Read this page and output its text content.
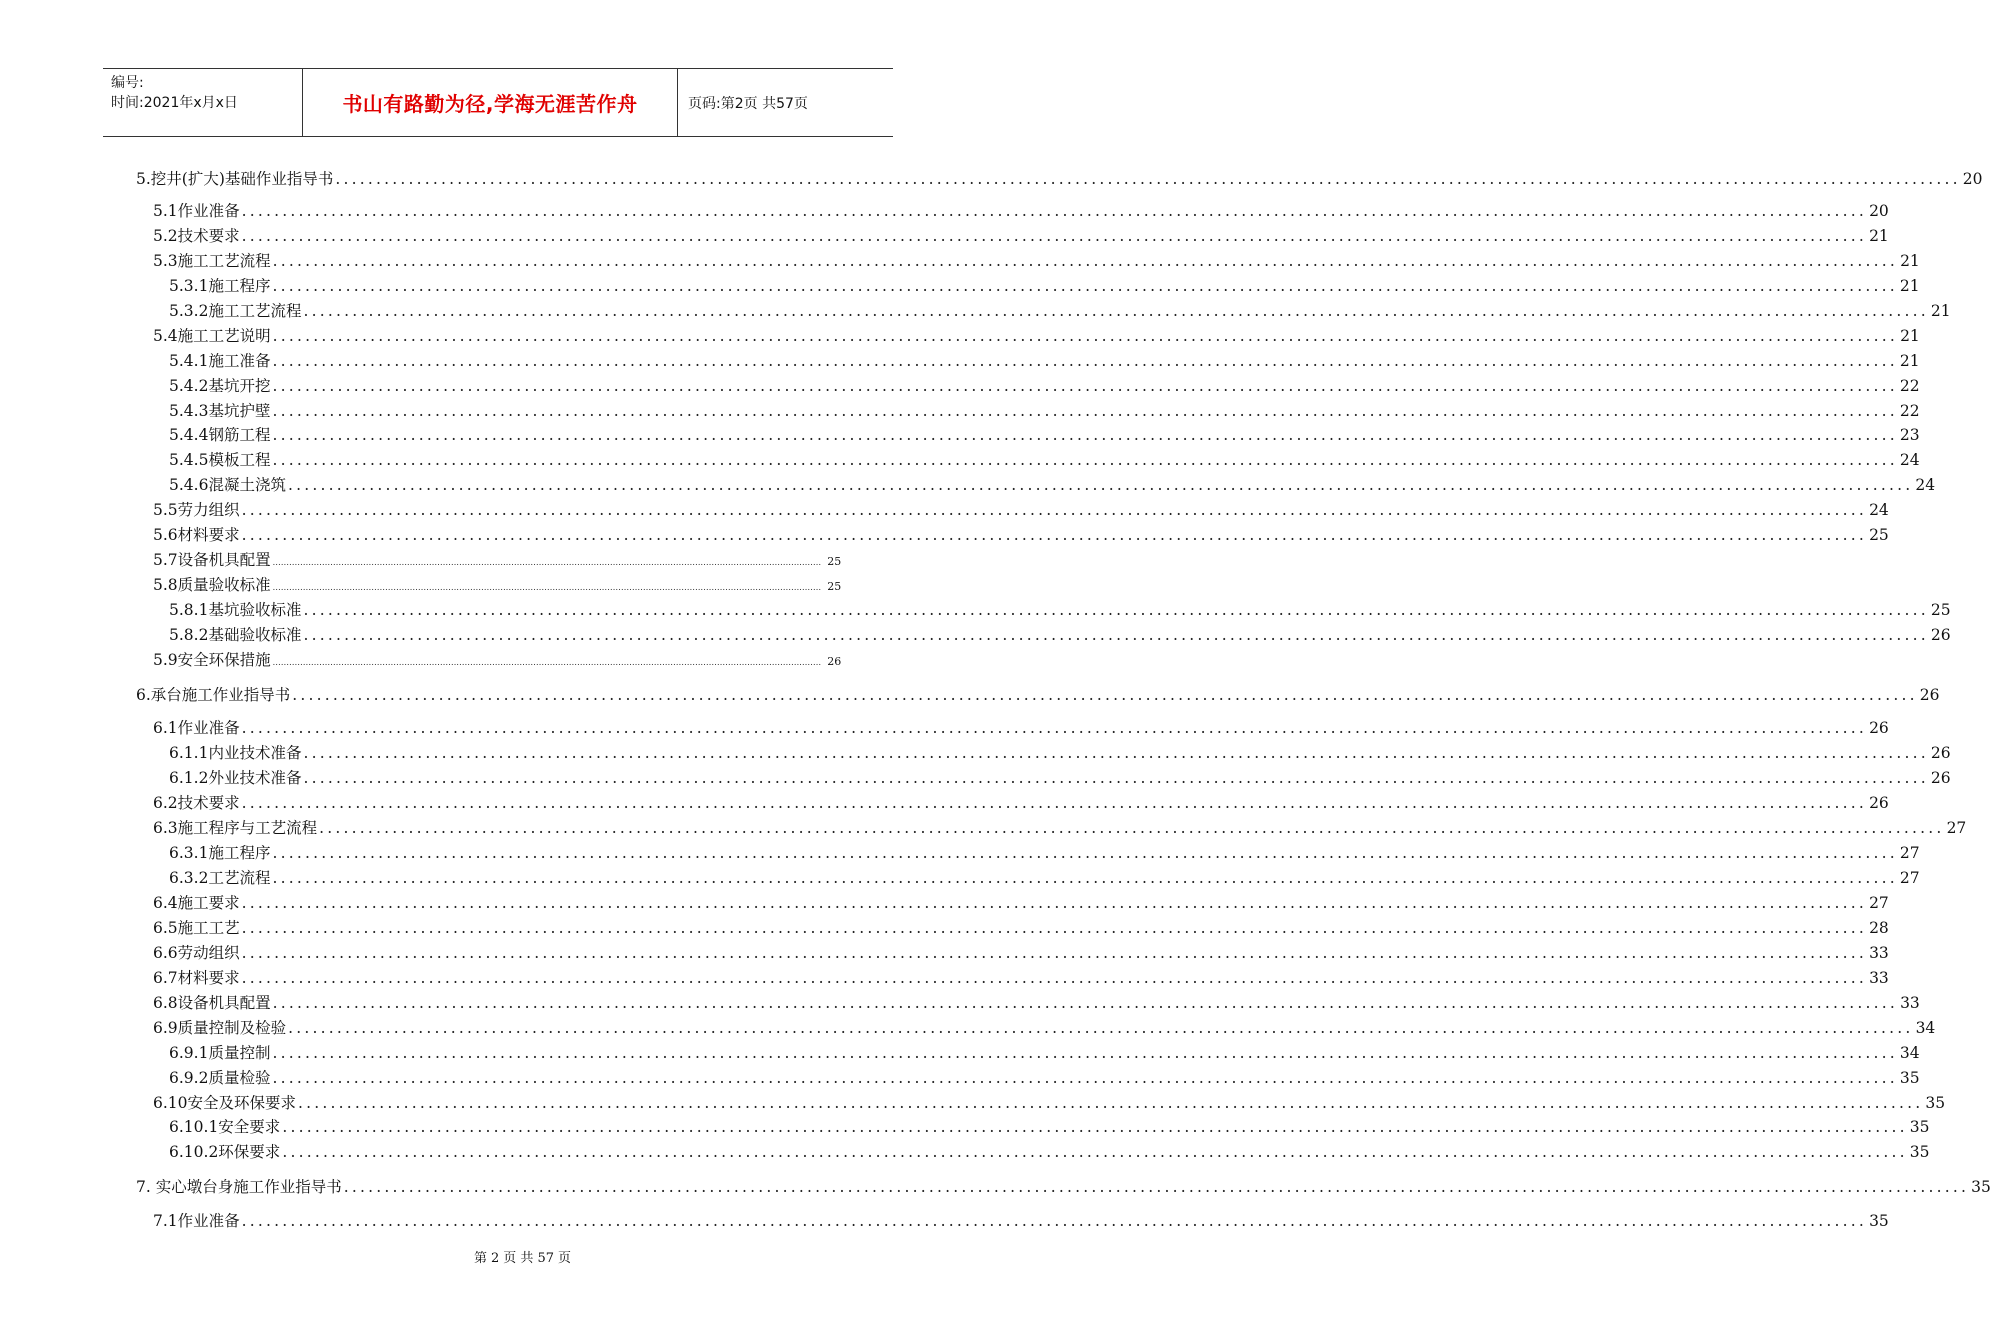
编号:
时间:2021年x月x日	书山有路勤为径,学海无涯苦作舟	页码:第2页 共57页
5.挖井(扩大)基础作业指导书 ........................................................................................................................................................................................................ 20
5.1作业准备 ........................................................................................................................................................................................................ 20
5.2技术要求 ........................................................................................................................................................................................................ 21
5.3施工工艺流程 ........................................................................................................................................................................................................ 21
5.3.1施工程序 ........................................................................................................................................................................................................ 21
5.3.2施工工艺流程 ........................................................................................................................................................................................................ 21
5.4施工工艺说明 ........................................................................................................................................................................................................ 21
5.4.1施工准备 ........................................................................................................................................................................................................ 21
5.4.2基坑开挖 ........................................................................................................................................................................................................ 22
5.4.3基坑护壁 ........................................................................................................................................................................................................ 22
5.4.4钢筋工程 ........................................................................................................................................................................................................ 23
5.4.5模板工程 ........................................................................................................................................................................................................ 24
5.4.6混凝土浇筑 ........................................................................................................................................................................................................ 24
5.5劳力组织 ........................................................................................................................................................................................................ 24
5.6材料要求 ........................................................................................................................................................................................................ 25
5.7设备机具配置 ........................................................................................................................................................................................................ 25
5.8质量验收标准 ........................................................................................................................................................................................................ 25
5.8.1基坑验收标准 ........................................................................................................................................................................................................ 25
5.8.2基础验收标准 ........................................................................................................................................................................................................ 26
5.9安全环保措施 ........................................................................................................................................................................................................ 26
6.承台施工作业指导书 ........................................................................................................................................................................................................ 26
6.1作业准备 ........................................................................................................................................................................................................ 26
6.1.1内业技术准备 ........................................................................................................................................................................................................ 26
6.1.2外业技术准备 ........................................................................................................................................................................................................ 26
6.2技术要求 ........................................................................................................................................................................................................ 26
6.3施工程序与工艺流程 ........................................................................................................................................................................................................ 27
6.3.1施工程序 ........................................................................................................................................................................................................ 27
6.3.2工艺流程 ........................................................................................................................................................................................................ 27
6.4施工要求 ........................................................................................................................................................................................................ 27
6.5施工工艺 ........................................................................................................................................................................................................ 28
6.6劳动组织 ........................................................................................................................................................................................................ 33
6.7材料要求 ........................................................................................................................................................................................................ 33
6.8设备机具配置 ........................................................................................................................................................................................................ 33
6.9质量控制及检验 ........................................................................................................................................................................................................ 34
6.9.1质量控制 ........................................................................................................................................................................................................ 34
6.9.2质量检验 ........................................................................................................................................................................................................ 35
6.10安全及环保要求 ........................................................................................................................................................................................................ 35
6.10.1安全要求 ........................................................................................................................................................................................................ 35
6.10.2环保要求 ........................................................................................................................................................................................................ 35
7. 实心墩台身施工作业指导书 ........................................................................................................................................................................................................ 35
7.1作业准备 ........................................................................................................................................................................................................ 35
第 2 页 共 57 页
